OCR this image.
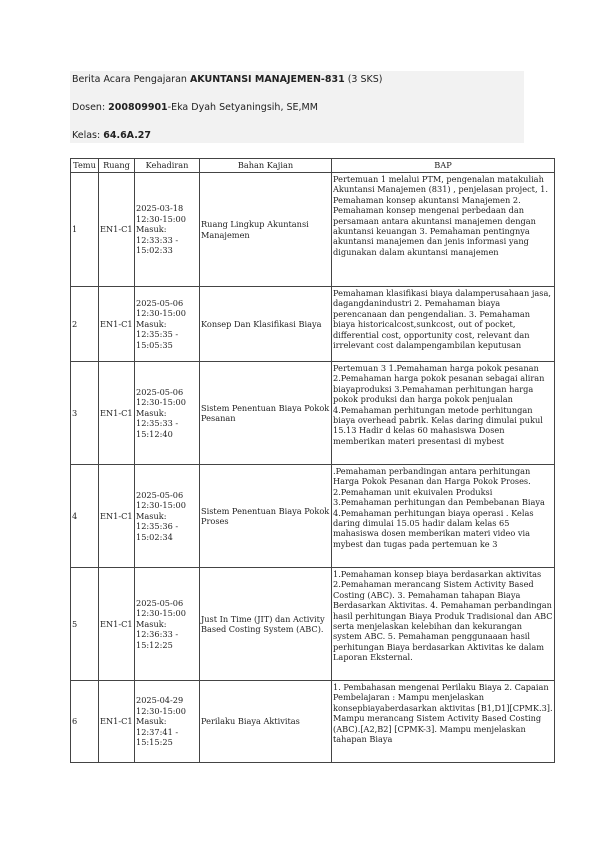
Berita Acara Pengajaran AKUNTANSI MANAJEMEN-831 (3 SKS)
Dosen: 200809901-Eka Dyah Setyaningsih, SE,MM
Kelas: 64.6A.27
Temu	Ruang	Kehadiran	Bahan Kajian	BAP
1	EN1-C1	2025-03-18 12:30-15:00 Masuk: 12:33:33 - 15:02:33	Ruang Lingkup Akuntansi Manajemen	Pertemuan 1 melalui PTM, pengenalan matakuliah Akuntansi Manajemen (831) , penjelasan project, 1. Pemahaman konsep akuntansi Manajemen 2. Pemahaman konsep mengenai perbedaan dan persamaan antara akuntansi manajemen dengan akuntansi keuangan 3. Pemahaman pentingnya akuntansi manajemen dan jenis informasi yang digunakan dalam akuntansi manajemen
2	EN1-C1	2025-05-06 12:30-15:00 Masuk: 12:35:35 - 15:05:35	Konsep Dan Klasifikasi Biaya	Pemahaman klasifikasi biaya dalamperusahaan jasa, dagangdanindustri 2. Pemahaman biaya perencanaan dan pengendalian. 3. Pemahaman biaya historicalcost,sunkcost, out of pocket, differential cost, opportunity cost, relevant dan irrelevant cost dalampengambilan keputusan
3	EN1-C1	2025-05-06 12:30-15:00 Masuk: 12:35:33 - 15:12:40	Sistem Penentuan Biaya Pokok Pesanan	Pertemuan 3 1.Pemahaman harga pokok pesanan 2.Pemahaman harga pokok pesanan sebagai aliran biayaproduksi 3.Pemahaman perhitungan harga pokok produksi dan harga pokok penjualan 4.Pemahaman perhitungan metode perhitungan biaya overhead pabrik. Kelas daring dimulai pukul 15.13 Hadir d kelas 60 mahasiswa Dosen memberikan materi presentasi di mybest
4	EN1-C1	2025-05-06 12:30-15:00 Masuk: 12:35:36 - 15:02:34	Sistem Penentuan Biaya Pokok Proses	.Pemahaman perbandingan antara perhitungan Harga Pokok Pesanan dan Harga Pokok Proses. 2.Pemahaman unit ekuivalen Produksi 3.Pemahaman perhitungan dan Pembebanan Biaya 4.Pemahaman perhitungan biaya operasi . Kelas daring dimulai 15.05 hadir dalam kelas 65 mahasiswa dosen memberikan materi video via mybest dan tugas pada pertemuan ke 3
5	EN1-C1	2025-05-06 12:30-15:00 Masuk: 12:36:33 - 15:12:25	Just In Time (JIT) dan Activity Based Costing System (ABC).	1.Pemahaman konsep biaya berdasarkan aktivitas 2.Pemahaman merancang Sistem Activity Based Costing (ABC). 3. Pemahaman tahapan Biaya Berdasarkan Aktivitas. 4. Pemahaman perbandingan hasil perhitungan Biaya Produk Tradisional dan ABC serta menjelaskan kelebihan dan kekurangan system ABC. 5. Pemahaman penggunaaan hasil perhitungan Biaya berdasarkan Aktivitas ke dalam Laporan Eksternal.
6	EN1-C1	2025-04-29 12:30-15:00 Masuk: 12:37:41 - 15:15:25	Perilaku Biaya Aktivitas	1. Pembahasan mengenai Perilaku Biaya 2. Capaian Pembelajaran : Mampu menjelaskan konsepbiayaberdasarkan aktivitas [B1,D1][CPMK.3]. Mampu merancang Sistem Activity Based Costing (ABC).[A2,B2] [CPMK-3]. Mampu menjelaskan tahapan Biaya
